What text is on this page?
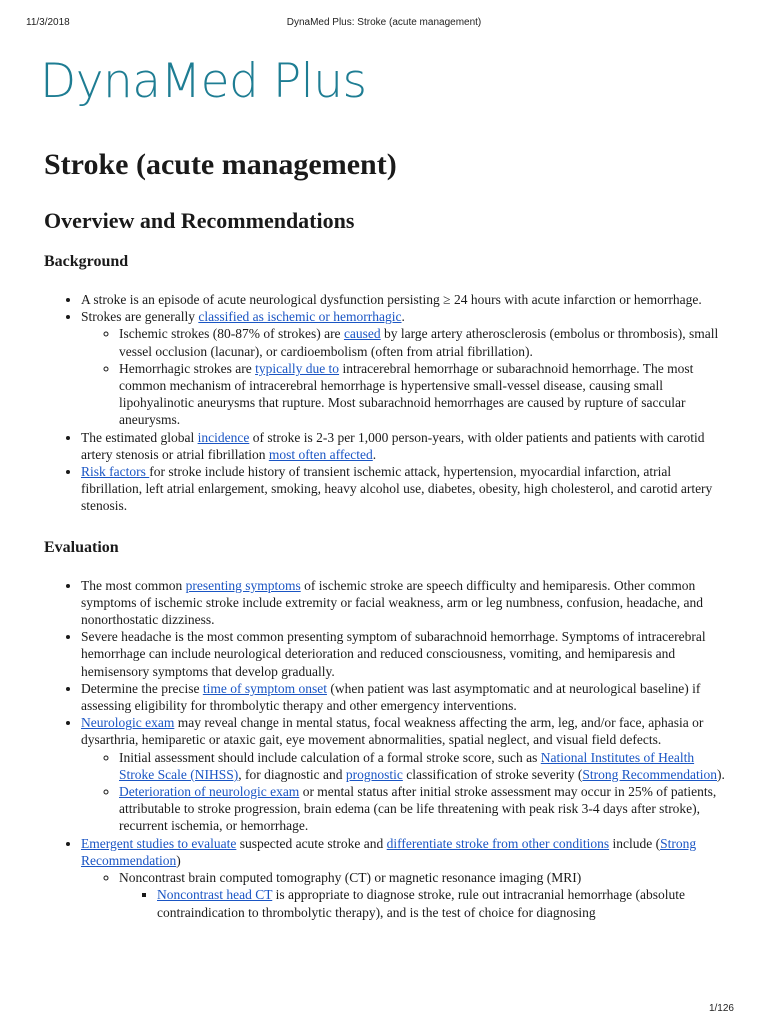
11/3/2018	DynaMed Plus: Stroke (acute management)
DynaMed Plus
Stroke (acute management)
Overview and Recommendations
Background
• A stroke is an episode of acute neurological dysfunction persisting ≥ 24 hours with acute infarction or hemorrhage.
• Strokes are generally classified as ischemic or hemorrhagic.
◦ Ischemic strokes (80-87% of strokes) are caused by large artery atherosclerosis (embolus or thrombosis), small vessel occlusion (lacunar), or cardioembolism (often from atrial fibrillation).
◦ Hemorrhagic strokes are typically due to intracerebral hemorrhage or subarachnoid hemorrhage. The most common mechanism of intracerebral hemorrhage is hypertensive small-vessel disease, causing small lipohyalinotic aneurysms that rupture. Most subarachnoid hemorrhages are caused by rupture of saccular aneurysms.
• The estimated global incidence of stroke is 2-3 per 1,000 person-years, with older patients and patients with carotid artery stenosis or atrial fibrillation most often affected.
• Risk factors for stroke include history of transient ischemic attack, hypertension, myocardial infarction, atrial fibrillation, left atrial enlargement, smoking, heavy alcohol use, diabetes, obesity, high cholesterol, and carotid artery stenosis.
Evaluation
• The most common presenting symptoms of ischemic stroke are speech difficulty and hemiparesis. Other common symptoms of ischemic stroke include extremity or facial weakness, arm or leg numbness, confusion, headache, and nonorthostatic dizziness.
• Severe headache is the most common presenting symptom of subarachnoid hemorrhage. Symptoms of intracerebral hemorrhage can include neurological deterioration and reduced consciousness, vomiting, and hemiparesis and hemisensory symptoms that develop gradually.
• Determine the precise time of symptom onset (when patient was last asymptomatic and at neurological baseline) if assessing eligibility for thrombolytic therapy and other emergency interventions.
• Neurologic exam may reveal change in mental status, focal weakness affecting the arm, leg, and/or face, aphasia or dysarthria, hemiparetic or ataxic gait, eye movement abnormalities, spatial neglect, and visual field defects.
◦ Initial assessment should include calculation of a formal stroke score, such as National Institutes of Health Stroke Scale (NIHSS), for diagnostic and prognostic classification of stroke severity (Strong Recommendation).
◦ Deterioration of neurologic exam or mental status after initial stroke assessment may occur in 25% of patients, attributable to stroke progression, brain edema (can be life threatening with peak risk 3-4 days after stroke), recurrent ischemia, or hemorrhage.
• Emergent studies to evaluate suspected acute stroke and differentiate stroke from other conditions include (Strong Recommendation)
◦ Noncontrast brain computed tomography (CT) or magnetic resonance imaging (MRI)
▪ Noncontrast head CT is appropriate to diagnose stroke, rule out intracranial hemorrhage (absolute contraindication to thrombolytic therapy), and is the test of choice for diagnosing
1/126
